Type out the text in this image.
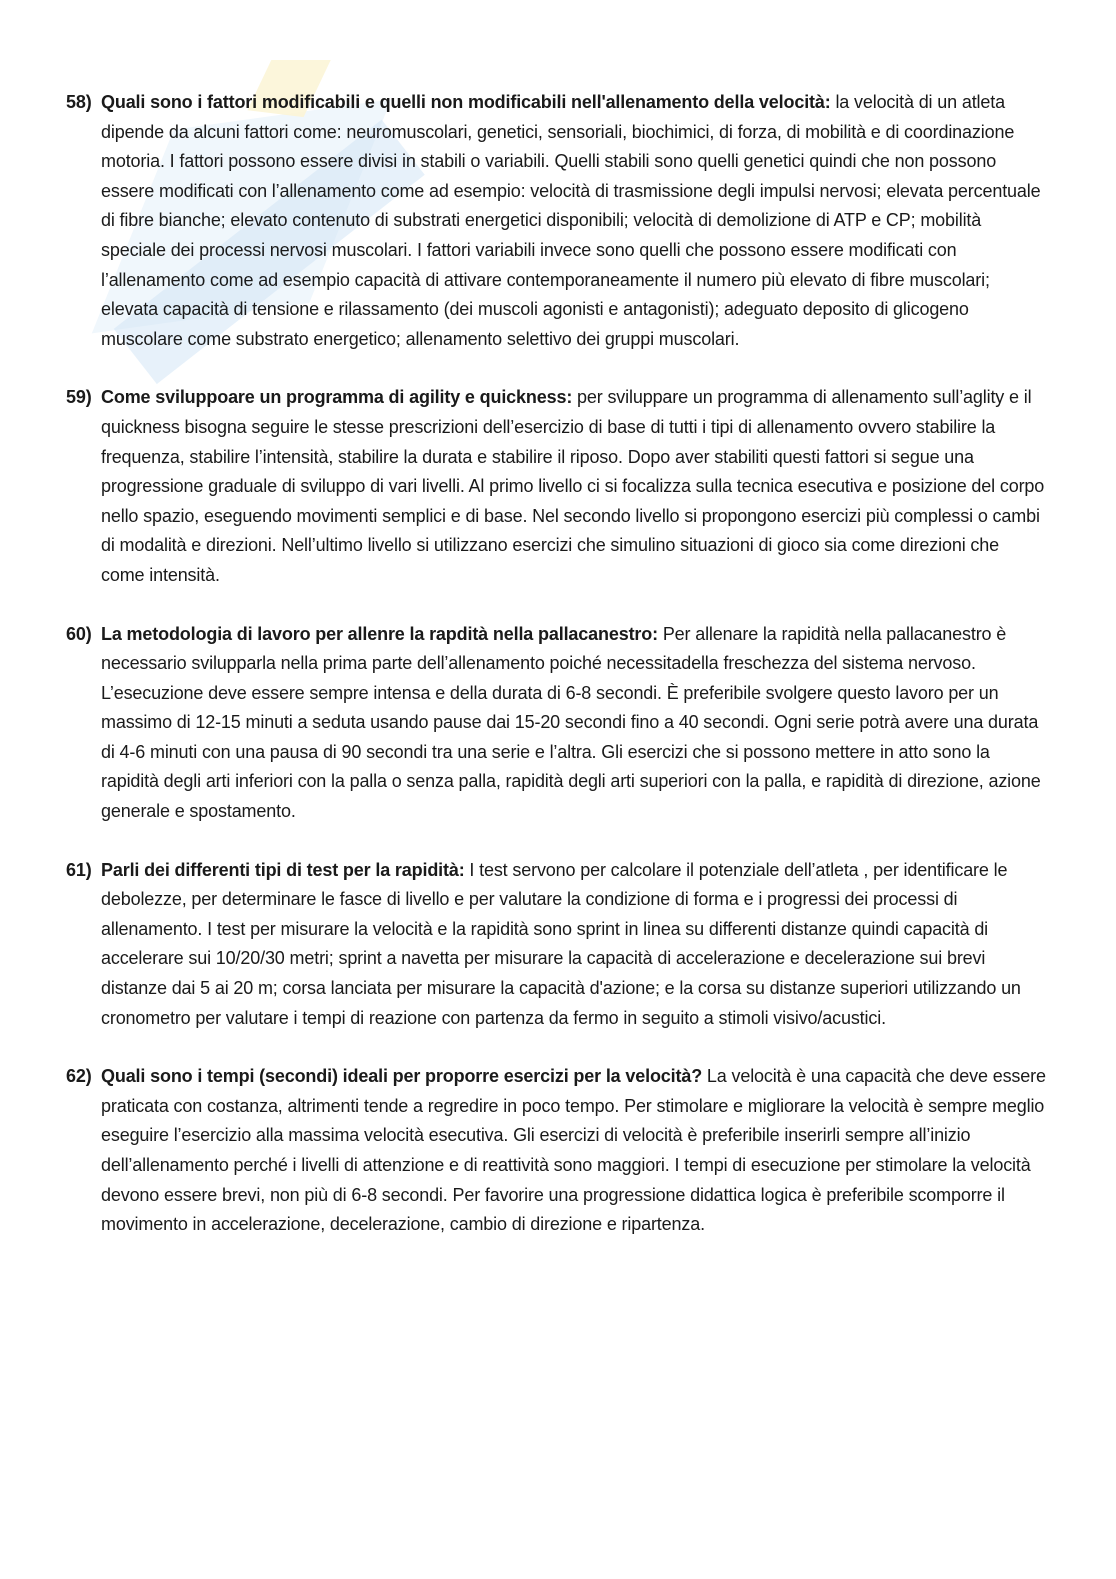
58) Quali sono i fattori modificabili e quelli non modificabili nell'allenamento della velocità: la velocità di un atleta dipende da alcuni fattori come: neuromuscolari, genetici, sensoriali, biochimici, di forza, di mobilità e di coordinazione motoria. I fattori possono essere divisi in stabili o variabili. Quelli stabili sono quelli genetici quindi che non possono essere modificati con l’allenamento come ad esempio: velocità di trasmissione degli impulsi nervosi; elevata percentuale di fibre bianche; elevato contenuto di substrati energetici disponibili; velocità di demolizione di ATP e CP; mobilità speciale dei processi nervosi muscolari. I fattori variabili invece sono quelli che possono essere modificati con l’allenamento come ad esempio capacità di attivare contemporaneamente il numero più elevato di fibre muscolari; elevata capacità di tensione e rilassamento (dei muscoli agonisti e antagonisti); adeguato deposito di glicogeno muscolare come substrato energetico; allenamento selettivo dei gruppi muscolari.
59) Come sviluppoare un programma di agility e quickness: per sviluppare un programma di allenamento sull’aglity e il quickness bisogna seguire le stesse prescrizioni dell’esercizio di base di tutti i tipi di allenamento ovvero stabilire la frequenza, stabilire l’intensità, stabilire la durata e stabilire il riposo. Dopo aver stabiliti questi fattori si segue una progressione graduale di sviluppo di vari livelli. Al primo livello ci si focalizza sulla tecnica esecutiva e posizione del corpo nello spazio, eseguendo movimenti semplici e di base. Nel secondo livello si propongono esercizi più complessi o cambi di modalità e direzioni. Nell’ultimo livello si utilizzano esercizi che simulino situazioni di gioco sia come direzioni che come intensità.
60) La metodologia di lavoro per allenre la rapdità nella pallacanestro: Per allenare la rapidità nella pallacanestro è necessario svilupparla nella prima parte dell’allenamento poiché necessitadella freschezza del sistema nervoso. L’esecuzione deve essere sempre intensa e della durata di 6-8 secondi. È preferibile svolgere questo lavoro per un massimo di 12-15 minuti a seduta usando pause dai 15-20 secondi fino a 40 secondi. Ogni serie potrà avere una durata di 4-6 minuti con una pausa di 90 secondi tra una serie e l’altra. Gli esercizi che si possono mettere in atto sono la rapidità degli arti inferiori con la palla o senza palla, rapidità degli arti superiori con la palla, e rapidità di direzione, azione generale e spostamento.
61) Parli dei differenti tipi di test per la rapidità: I test servono per calcolare il potenziale dell’atleta , per identificare le debolezze, per determinare le fasce di livello e per valutare la condizione di forma e i progressi dei processi di allenamento. I test per misurare la velocità e la rapidità sono sprint in linea su differenti distanze quindi capacità di accelerare sui 10/20/30 metri; sprint a navetta per misurare la capacità di accelerazione e decelerazione sui brevi distanze dai 5 ai 20 m; corsa lanciata per misurare la capacità d'azione; e la corsa su distanze superiori utilizzando un cronometro per valutare i tempi di reazione con partenza da fermo in seguito a stimoli visivo/acustici.
62) Quali sono i tempi (secondi) ideali per proporre esercizi per la velocità? La velocità è una capacità che deve essere praticata con costanza, altrimenti tende a regredire in poco tempo. Per stimolare e migliorare la velocità è sempre meglio eseguire l’esercizio alla massima velocità esecutiva. Gli esercizi di velocità è preferibile inserirli sempre all’inizio dell’allenamento perché i livelli di attenzione e di reattività sono maggiori. I tempi di esecuzione per stimolare la velocità devono essere brevi, non più di 6-8 secondi. Per favorire una progressione didattica logica è preferibile scomporre il movimento in accelerazione, decelerazione, cambio di direzione e ripartenza.
